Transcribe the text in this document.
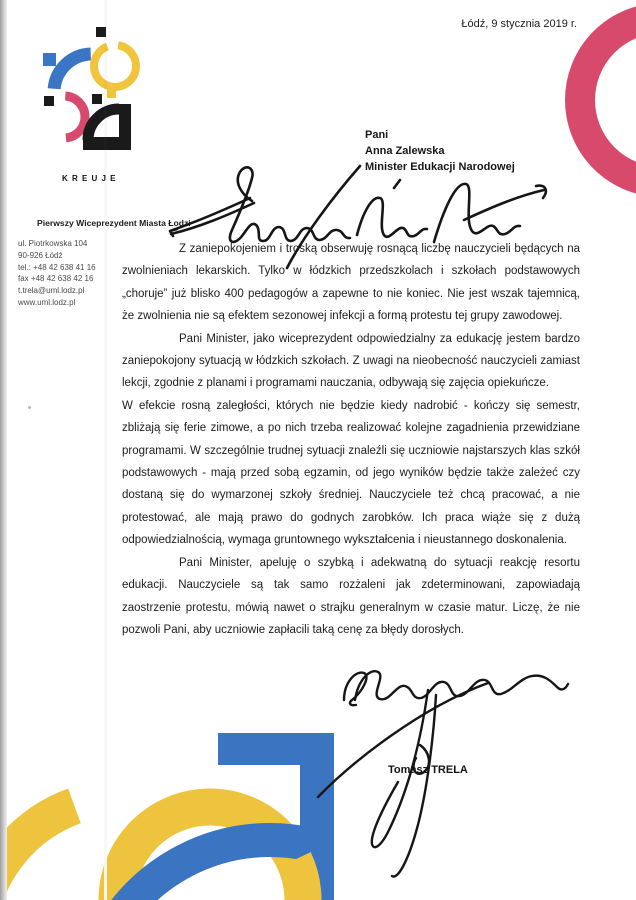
Łódź, 9 stycznia 2019 r.
KREUJE
Pierwszy Wiceprezydent Miasta Łodzi
ul. Piotrkowska 104
90-926 Łódź
tel.: +48 42 638 41 16
fax +48 42 638 42 16
t.trela@uml.lodz.pl
www.uml.lodz.pl
Pani
Anna Zalewska
Minister Edukacji Narodowej

Z zaniepokojeniem i troską obserwuję rosnącą liczbę nauczycieli będących na zwolnieniach lekarskich. Tylko w łódzkich przedszkolach i szkołach podstawowych „choruje” już blisko 400 pedagogów a zapewne to nie koniec. Nie jest wszak tajemnicą, że zwolnienia nie są efektem sezonowej infekcji a formą protestu tej grupy zawodowej.

Pani Minister, jako wiceprezydent odpowiedzialny za edukację jestem bardzo zaniepokojony sytuacją w łódzkich szkołach. Z uwagi na nieobecność nauczycieli zamiast lekcji, zgodnie z planami i programami nauczania, odbywają się zajęcia opiekuńcze.

W efekcie rosną zaległości, których nie będzie kiedy nadrobić - kończy się semestr, zbliżają się ferie zimowe, a po nich trzeba realizować kolejne zagadnienia przewidziane programami. W szczególnie trudnej sytuacji znaleźli się uczniowie najstarszych klas szkół podstawowych - mają przed sobą egzamin, od jego wyników będzie także zależeć czy dostaną się do wymarzonej szkoły średniej. Nauczyciele też chcą pracować, a nie protestować, ale mają prawo do godnych zarobków. Ich praca wiąże się z dużą odpowiedzialnością, wymaga gruntownego wykształcenia i nieustannego doskonalenia.

Pani Minister, apeluję o szybką i adekwatną do sytuacji reakcję resortu edukacji. Nauczyciele są tak samo rozżaleni jak zdeterminowani, zapowiadają zaostrzenie protestu, mówią nawet o strajku generalnym w czasie matur. Liczę, że nie pozwoli Pani, aby uczniowie zapłacili taką cenę za błędy dorosłych.

Tomasz TRELA
